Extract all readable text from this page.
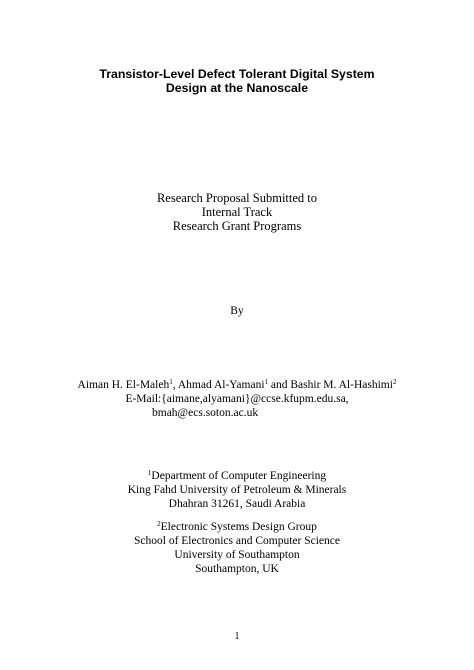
Transistor-Level Defect Tolerant Digital System
Design at the Nanoscale
Research Proposal Submitted to
Internal Track
Research Grant Programs
By
Aiman H. El-Maleh$^1$, Ahmad Al-Yamani$^1$ and Bashir M. Al-Hashimi$^2$
E-Mail:{aimane,alyamani}@ccse.kfupm.edu.sa,
bmah@ecs.soton.ac.uk
$^1$Department of Computer Engineering
King Fahd University of Petroleum & Minerals
Dhahran 31261, Saudi Arabia
$^2$Electronic Systems Design Group
School of Electronics and Computer Science
University of Southampton
Southampton, UK
1
